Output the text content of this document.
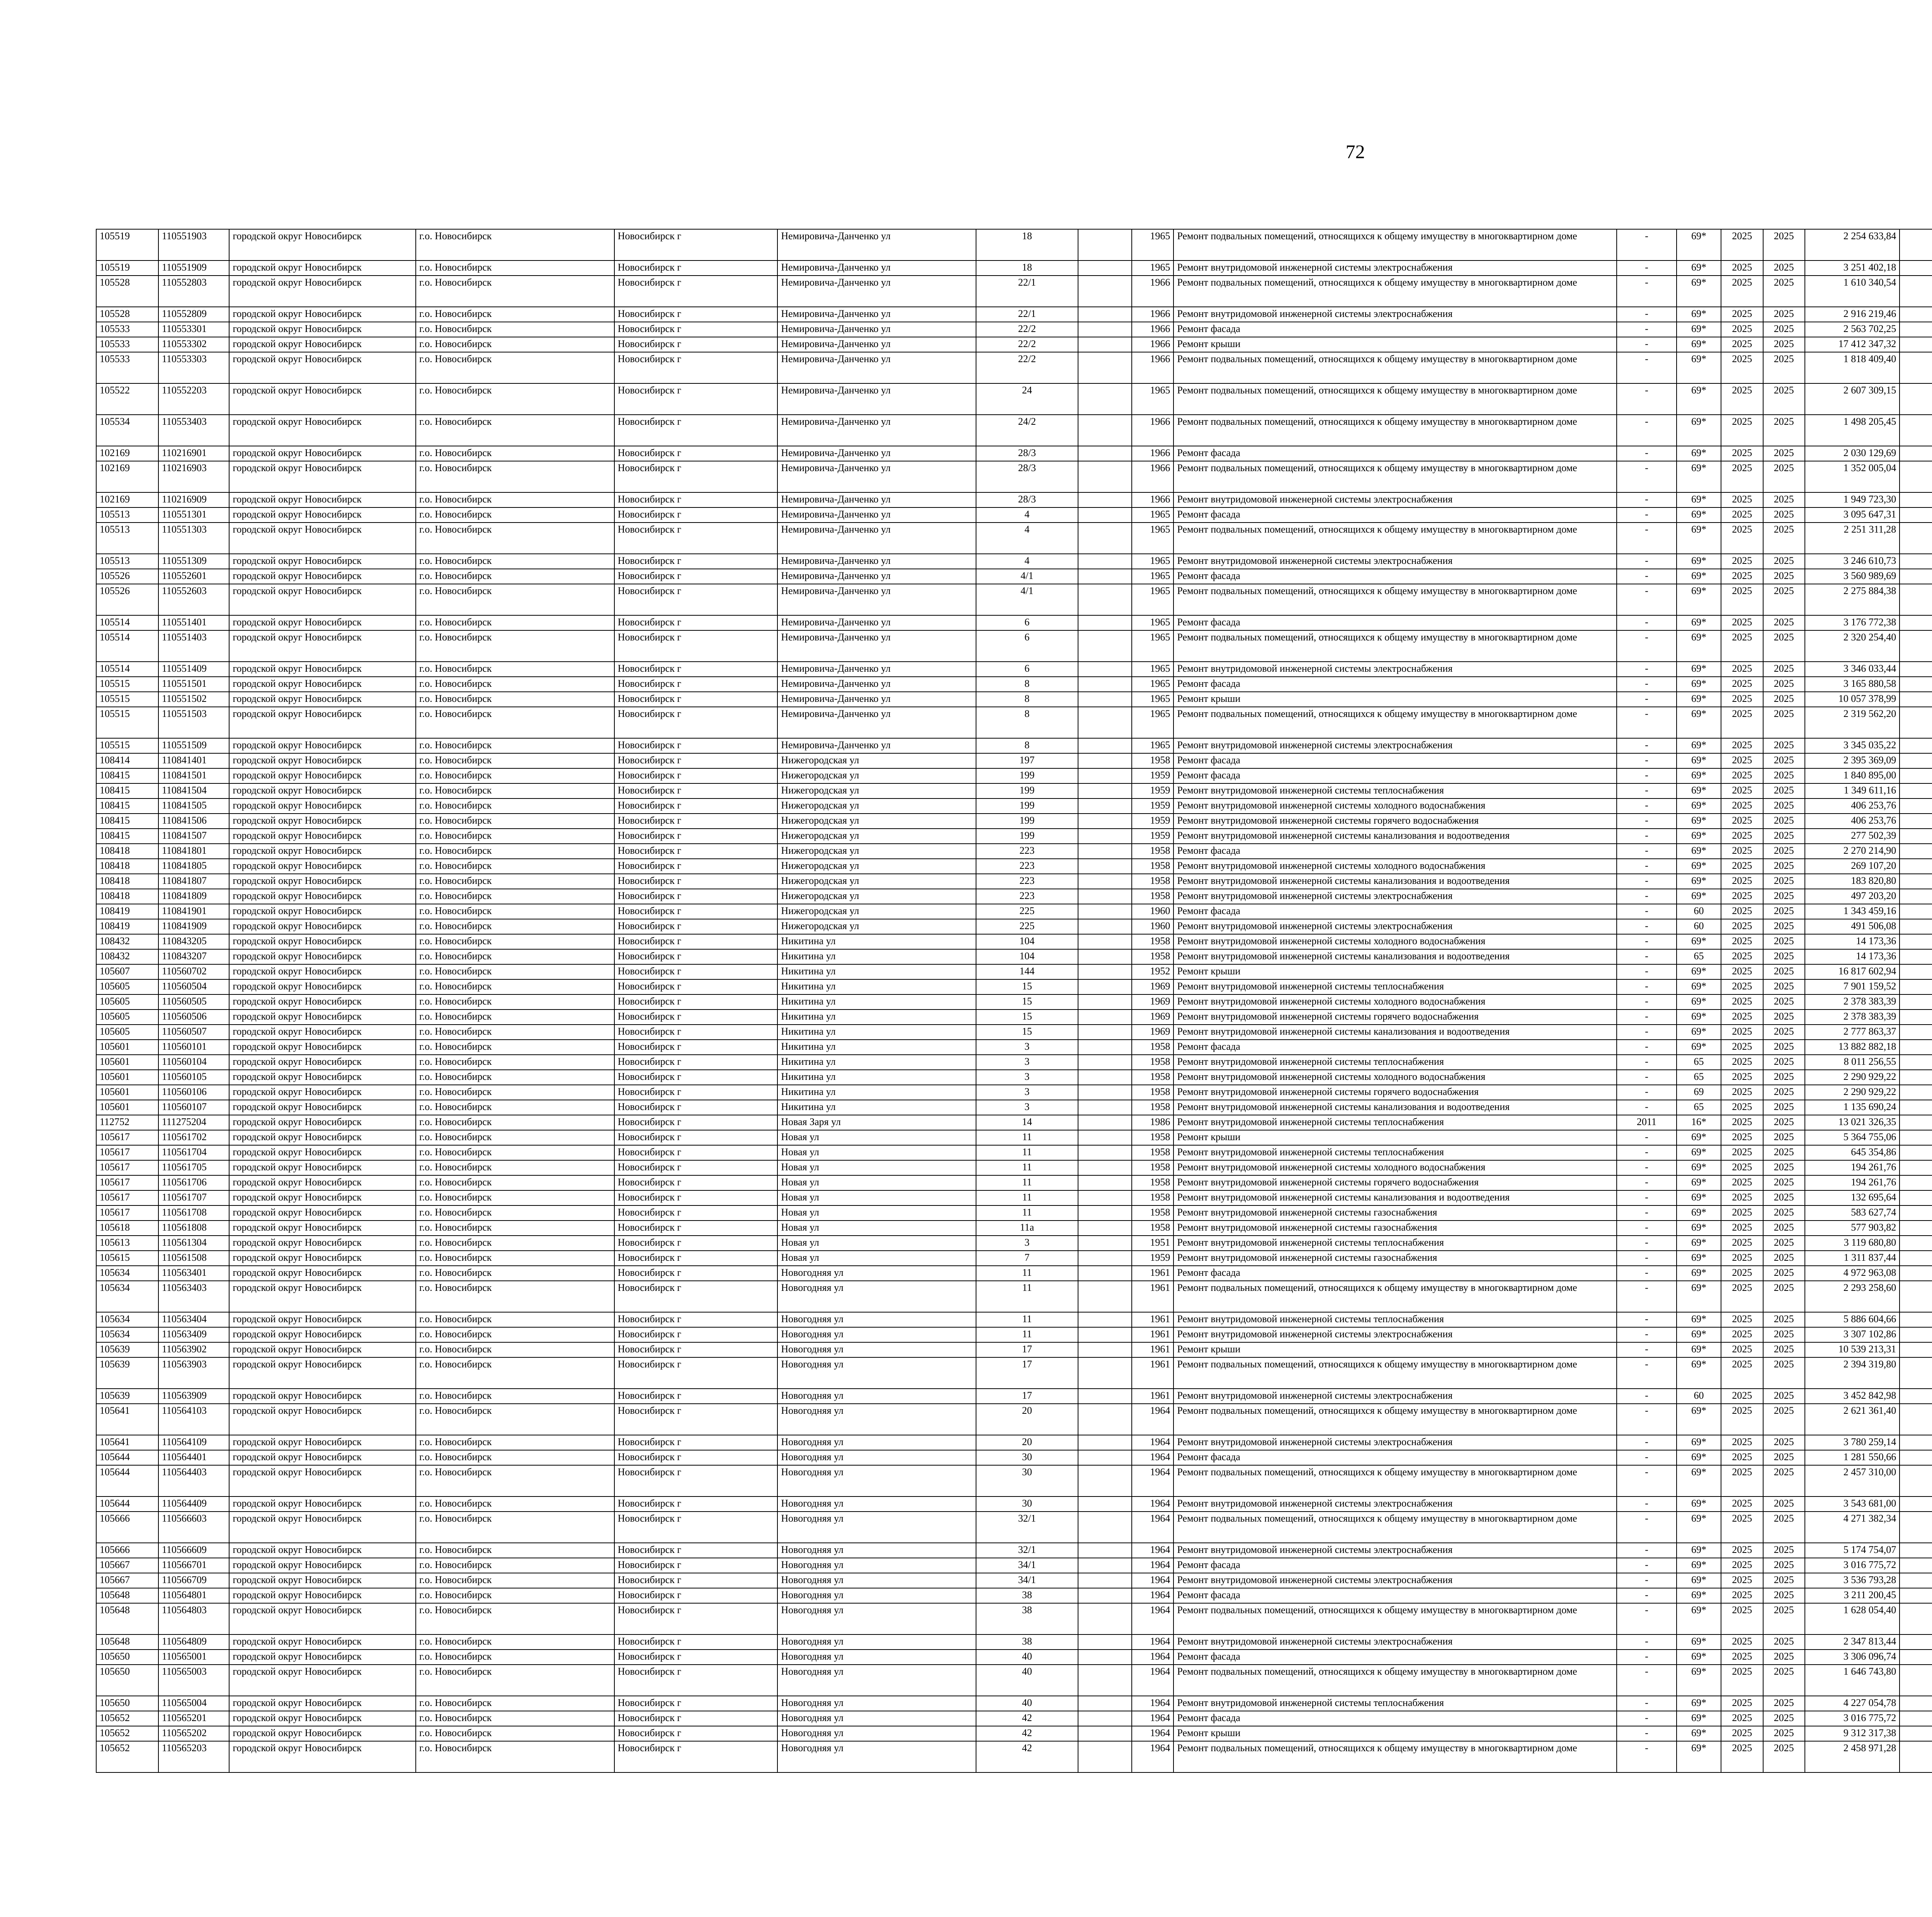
72
105519	110551903	городской округ Новосибирск	г.о. Новосибирск	Новосибирск г	Немировича-Данченко ул	18		1965	Ремонт подвальных помещений, относящихся к общему имуществу в многоквартирном доме	-	69*	2025	2025	2 254 633,84							
105519	110551909	городской округ Новосибирск	г.о. Новосибирск	Новосибирск г	Немировича-Данченко ул	18		1965	Ремонт внутридомовой инженерной системы электроснабжения	-	69*	2025	2025	3 251 402,18							
105528	110552803	городской округ Новосибирск	г.о. Новосибирск	Новосибирск г	Немировича-Данченко ул	22/1		1966	Ремонт подвальных помещений, относящихся к общему имуществу в многоквартирном доме	-	69*	2025	2025	1 610 340,54							
105528	110552809	городской округ Новосибирск	г.о. Новосибирск	Новосибирск г	Немировича-Данченко ул	22/1		1966	Ремонт внутридомовой инженерной системы электроснабжения	-	69*	2025	2025	2 916 219,46							
105533	110553301	городской округ Новосибирск	г.о. Новосибирск	Новосибирск г	Немировича-Данченко ул	22/2		1966	Ремонт фасада	-	69*	2025	2025	2 563 702,25							
105533	110553302	городской округ Новосибирск	г.о. Новосибирск	Новосибирск г	Немировича-Данченко ул	22/2		1966	Ремонт крыши	-	69*	2025	2025	17 412 347,32							
105533	110553303	городской округ Новосибирск	г.о. Новосибирск	Новосибирск г	Немировича-Данченко ул	22/2		1966	Ремонт подвальных помещений, относящихся к общему имуществу в многоквартирном доме	-	69*	2025	2025	1 818 409,40							
105522	110552203	городской округ Новосибирск	г.о. Новосибирск	Новосибирск г	Немировича-Данченко ул	24		1965	Ремонт подвальных помещений, относящихся к общему имуществу в многоквартирном доме	-	69*	2025	2025	2 607 309,15							
105534	110553403	городской округ Новосибирск	г.о. Новосибирск	Новосибирск г	Немировича-Данченко ул	24/2		1966	Ремонт подвальных помещений, относящихся к общему имуществу в многоквартирном доме	-	69*	2025	2025	1 498 205,45							
102169	110216901	городской округ Новосибирск	г.о. Новосибирск	Новосибирск г	Немировича-Данченко ул	28/3		1966	Ремонт фасада	-	69*	2025	2025	2 030 129,69							
102169	110216903	городской округ Новосибирск	г.о. Новосибирск	Новосибирск г	Немировича-Данченко ул	28/3		1966	Ремонт подвальных помещений, относящихся к общему имуществу в многоквартирном доме	-	69*	2025	2025	1 352 005,04							
102169	110216909	городской округ Новосибирск	г.о. Новосибирск	Новосибирск г	Немировича-Данченко ул	28/3		1966	Ремонт внутридомовой инженерной системы электроснабжения	-	69*	2025	2025	1 949 723,30							
105513	110551301	городской округ Новосибирск	г.о. Новосибирск	Новосибирск г	Немировича-Данченко ул	4		1965	Ремонт фасада	-	69*	2025	2025	3 095 647,31							
105513	110551303	городской округ Новосибирск	г.о. Новосибирск	Новосибирск г	Немировича-Данченко ул	4		1965	Ремонт подвальных помещений, относящихся к общему имуществу в многоквартирном доме	-	69*	2025	2025	2 251 311,28							
105513	110551309	городской округ Новосибирск	г.о. Новосибирск	Новосибирск г	Немировича-Данченко ул	4		1965	Ремонт внутридомовой инженерной системы электроснабжения	-	69*	2025	2025	3 246 610,73							
105526	110552601	городской округ Новосибирск	г.о. Новосибирск	Новосибирск г	Немировича-Данченко ул	4/1		1965	Ремонт фасада	-	69*	2025	2025	3 560 989,69							
105526	110552603	городской округ Новосибирск	г.о. Новосибирск	Новосибирск г	Немировича-Данченко ул	4/1		1965	Ремонт подвальных помещений, относящихся к общему имуществу в многоквартирном доме	-	69*	2025	2025	2 275 884,38							
105514	110551401	городской округ Новосибирск	г.о. Новосибирск	Новосибирск г	Немировича-Данченко ул	6		1965	Ремонт фасада	-	69*	2025	2025	3 176 772,38							
105514	110551403	городской округ Новосибирск	г.о. Новосибирск	Новосибирск г	Немировича-Данченко ул	6		1965	Ремонт подвальных помещений, относящихся к общему имуществу в многоквартирном доме	-	69*	2025	2025	2 320 254,40							
105514	110551409	городской округ Новосибирск	г.о. Новосибирск	Новосибирск г	Немировича-Данченко ул	6		1965	Ремонт внутридомовой инженерной системы электроснабжения	-	69*	2025	2025	3 346 033,44							
105515	110551501	городской округ Новосибирск	г.о. Новосибирск	Новосибирск г	Немировича-Данченко ул	8		1965	Ремонт фасада	-	69*	2025	2025	3 165 880,58							
105515	110551502	городской округ Новосибирск	г.о. Новосибирск	Новосибирск г	Немировича-Данченко ул	8		1965	Ремонт крыши	-	69*	2025	2025	10 057 378,99							
105515	110551503	городской округ Новосибирск	г.о. Новосибирск	Новосибирск г	Немировича-Данченко ул	8		1965	Ремонт подвальных помещений, относящихся к общему имуществу в многоквартирном доме	-	69*	2025	2025	2 319 562,20							
105515	110551509	городской округ Новосибирск	г.о. Новосибирск	Новосибирск г	Немировича-Данченко ул	8		1965	Ремонт внутридомовой инженерной системы электроснабжения	-	69*	2025	2025	3 345 035,22							
108414	110841401	городской округ Новосибирск	г.о. Новосибирск	Новосибирск г	Нижегородская ул	197		1958	Ремонт фасада	-	69*	2025	2025	2 395 369,09							
108415	110841501	городской округ Новосибирск	г.о. Новосибирск	Новосибирск г	Нижегородская ул	199		1959	Ремонт фасада	-	69*	2025	2025	1 840 895,00							
108415	110841504	городской округ Новосибирск	г.о. Новосибирск	Новосибирск г	Нижегородская ул	199		1959	Ремонт внутридомовой инженерной системы теплоснабжения	-	69*	2025	2025	1 349 611,16							
108415	110841505	городской округ Новосибирск	г.о. Новосибирск	Новосибирск г	Нижегородская ул	199		1959	Ремонт внутридомовой инженерной системы холодного водоснабжения	-	69*	2025	2025	406 253,76							
108415	110841506	городской округ Новосибирск	г.о. Новосибирск	Новосибирск г	Нижегородская ул	199		1959	Ремонт внутридомовой инженерной системы горячего водоснабжения	-	69*	2025	2025	406 253,76							
108415	110841507	городской округ Новосибирск	г.о. Новосибирск	Новосибирск г	Нижегородская ул	199		1959	Ремонт внутридомовой инженерной системы канализования и водоотведения	-	69*	2025	2025	277 502,39							
108418	110841801	городской округ Новосибирск	г.о. Новосибирск	Новосибирск г	Нижегородская ул	223		1958	Ремонт фасада	-	69*	2025	2025	2 270 214,90							
108418	110841805	городской округ Новосибирск	г.о. Новосибирск	Новосибирск г	Нижегородская ул	223		1958	Ремонт внутридомовой инженерной системы холодного водоснабжения	-	69*	2025	2025	269 107,20							
108418	110841807	городской округ Новосибирск	г.о. Новосибирск	Новосибирск г	Нижегородская ул	223		1958	Ремонт внутридомовой инженерной системы канализования и водоотведения	-	69*	2025	2025	183 820,80							
108418	110841809	городской округ Новосибирск	г.о. Новосибирск	Новосибирск г	Нижегородская ул	223		1958	Ремонт внутридомовой инженерной системы электроснабжения	-	69*	2025	2025	497 203,20							
108419	110841901	городской округ Новосибирск	г.о. Новосибирск	Новосибирск г	Нижегородская ул	225		1960	Ремонт фасада	-	60	2025	2025	1 343 459,16							
108419	110841909	городской округ Новосибирск	г.о. Новосибирск	Новосибирск г	Нижегородская ул	225		1960	Ремонт внутридомовой инженерной системы электроснабжения	-	60	2025	2025	491 506,08							
108432	110843205	городской округ Новосибирск	г.о. Новосибирск	Новосибирск г	Никитина ул	104		1958	Ремонт внутридомовой инженерной системы холодного водоснабжения	-	69*	2025	2025	14 173,36							
108432	110843207	городской округ Новосибирск	г.о. Новосибирск	Новосибирск г	Никитина ул	104		1958	Ремонт внутридомовой инженерной системы канализования и водоотведения	-	65	2025	2025	14 173,36							
105607	110560702	городской округ Новосибирск	г.о. Новосибирск	Новосибирск г	Никитина ул	144		1952	Ремонт крыши	-	69*	2025	2025	16 817 602,94							
105605	110560504	городской округ Новосибирск	г.о. Новосибирск	Новосибирск г	Никитина ул	15		1969	Ремонт внутридомовой инженерной системы теплоснабжения	-	69*	2025	2025	7 901 159,52							
105605	110560505	городской округ Новосибирск	г.о. Новосибирск	Новосибирск г	Никитина ул	15		1969	Ремонт внутридомовой инженерной системы холодного водоснабжения	-	69*	2025	2025	2 378 383,39							
105605	110560506	городской округ Новосибирск	г.о. Новосибирск	Новосибирск г	Никитина ул	15		1969	Ремонт внутридомовой инженерной системы горячего водоснабжения	-	69*	2025	2025	2 378 383,39							
105605	110560507	городской округ Новосибирск	г.о. Новосибирск	Новосибирск г	Никитина ул	15		1969	Ремонт внутридомовой инженерной системы канализования и водоотведения	-	69*	2025	2025	2 777 863,37							
105601	110560101	городской округ Новосибирск	г.о. Новосибирск	Новосибирск г	Никитина ул	3		1958	Ремонт фасада	-	69*	2025	2025	13 882 882,18							
105601	110560104	городской округ Новосибирск	г.о. Новосибирск	Новосибирск г	Никитина ул	3		1958	Ремонт внутридомовой инженерной системы теплоснабжения	-	65	2025	2025	8 011 256,55							
105601	110560105	городской округ Новосибирск	г.о. Новосибирск	Новосибирск г	Никитина ул	3		1958	Ремонт внутридомовой инженерной системы холодного водоснабжения	-	65	2025	2025	2 290 929,22							
105601	110560106	городской округ Новосибирск	г.о. Новосибирск	Новосибирск г	Никитина ул	3		1958	Ремонт внутридомовой инженерной системы горячего водоснабжения	-	69	2025	2025	2 290 929,22							
105601	110560107	городской округ Новосибирск	г.о. Новосибирск	Новосибирск г	Никитина ул	3		1958	Ремонт внутридомовой инженерной системы канализования и водоотведения	-	65	2025	2025	1 135 690,24							
112752	111275204	городской округ Новосибирск	г.о. Новосибирск	Новосибирск г	Новая Заря ул	14		1986	Ремонт внутридомовой инженерной системы теплоснабжения	2011	16*	2025	2025	13 021 326,35							
105617	110561702	городской округ Новосибирск	г.о. Новосибирск	Новосибирск г	Новая ул	11		1958	Ремонт крыши	-	69*	2025	2025	5 364 755,06							
105617	110561704	городской округ Новосибирск	г.о. Новосибирск	Новосибирск г	Новая ул	11		1958	Ремонт внутридомовой инженерной системы теплоснабжения	-	69*	2025	2025	645 354,86							
105617	110561705	городской округ Новосибирск	г.о. Новосибирск	Новосибирск г	Новая ул	11		1958	Ремонт внутридомовой инженерной системы холодного водоснабжения	-	69*	2025	2025	194 261,76							
105617	110561706	городской округ Новосибирск	г.о. Новосибирск	Новосибирск г	Новая ул	11		1958	Ремонт внутридомовой инженерной системы горячего водоснабжения	-	69*	2025	2025	194 261,76							
105617	110561707	городской округ Новосибирск	г.о. Новосибирск	Новосибирск г	Новая ул	11		1958	Ремонт внутридомовой инженерной системы канализования и водоотведения	-	69*	2025	2025	132 695,64							
105617	110561708	городской округ Новосибирск	г.о. Новосибирск	Новосибирск г	Новая ул	11		1958	Ремонт внутридомовой инженерной системы газоснабжения	-	69*	2025	2025	583 627,74							
105618	110561808	городской округ Новосибирск	г.о. Новосибирск	Новосибирск г	Новая ул	11а		1958	Ремонт внутридомовой инженерной системы газоснабжения	-	69*	2025	2025	577 903,82							
105613	110561304	городской округ Новосибирск	г.о. Новосибирск	Новосибирск г	Новая ул	3		1951	Ремонт внутридомовой инженерной системы теплоснабжения	-	69*	2025	2025	3 119 680,80							
105615	110561508	городской округ Новосибирск	г.о. Новосибирск	Новосибирск г	Новая ул	7		1959	Ремонт внутридомовой инженерной системы газоснабжения	-	69*	2025	2025	1 311 837,44							
105634	110563401	городской округ Новосибирск	г.о. Новосибирск	Новосибирск г	Новогодняя ул	11		1961	Ремонт фасада	-	69*	2025	2025	4 972 963,08							
105634	110563403	городской округ Новосибирск	г.о. Новосибирск	Новосибирск г	Новогодняя ул	11		1961	Ремонт подвальных помещений, относящихся к общему имуществу в многоквартирном доме	-	69*	2025	2025	2 293 258,60							
105634	110563404	городской округ Новосибирск	г.о. Новосибирск	Новосибирск г	Новогодняя ул	11		1961	Ремонт внутридомовой инженерной системы теплоснабжения	-	69*	2025	2025	5 886 604,66							
105634	110563409	городской округ Новосибирск	г.о. Новосибирск	Новосибирск г	Новогодняя ул	11		1961	Ремонт внутридомовой инженерной системы электроснабжения	-	69*	2025	2025	3 307 102,86							
105639	110563902	городской округ Новосибирск	г.о. Новосибирск	Новосибирск г	Новогодняя ул	17		1961	Ремонт крыши	-	69*	2025	2025	10 539 213,31							
105639	110563903	городской округ Новосибирск	г.о. Новосибирск	Новосибирск г	Новогодняя ул	17		1961	Ремонт подвальных помещений, относящихся к общему имуществу в многоквартирном доме	-	69*	2025	2025	2 394 319,80							
105639	110563909	городской округ Новосибирск	г.о. Новосибирск	Новосибирск г	Новогодняя ул	17		1961	Ремонт внутридомовой инженерной системы электроснабжения	-	60	2025	2025	3 452 842,98							
105641	110564103	городской округ Новосибирск	г.о. Новосибирск	Новосибирск г	Новогодняя ул	20		1964	Ремонт подвальных помещений, относящихся к общему имуществу в многоквартирном доме	-	69*	2025	2025	2 621 361,40							
105641	110564109	городской округ Новосибирск	г.о. Новосибирск	Новосибирск г	Новогодняя ул	20		1964	Ремонт внутридомовой инженерной системы электроснабжения	-	69*	2025	2025	3 780 259,14							
105644	110564401	городской округ Новосибирск	г.о. Новосибирск	Новосибирск г	Новогодняя ул	30		1964	Ремонт фасада	-	69*	2025	2025	1 281 550,66							
105644	110564403	городской округ Новосибирск	г.о. Новосибирск	Новосибирск г	Новогодняя ул	30		1964	Ремонт подвальных помещений, относящихся к общему имуществу в многоквартирном доме	-	69*	2025	2025	2 457 310,00							
105644	110564409	городской округ Новосибирск	г.о. Новосибирск	Новосибирск г	Новогодняя ул	30		1964	Ремонт внутридомовой инженерной системы электроснабжения	-	69*	2025	2025	3 543 681,00							
105666	110566603	городской округ Новосибирск	г.о. Новосибирск	Новосибирск г	Новогодняя ул	32/1		1964	Ремонт подвальных помещений, относящихся к общему имуществу в многоквартирном доме	-	69*	2025	2025	4 271 382,34							
105666	110566609	городской округ Новосибирск	г.о. Новосибирск	Новосибирск г	Новогодняя ул	32/1		1964	Ремонт внутридомовой инженерной системы электроснабжения	-	69*	2025	2025	5 174 754,07							
105667	110566701	городской округ Новосибирск	г.о. Новосибирск	Новосибирск г	Новогодняя ул	34/1		1964	Ремонт фасада	-	69*	2025	2025	3 016 775,72							
105667	110566709	городской округ Новосибирск	г.о. Новосибирск	Новосибирск г	Новогодняя ул	34/1		1964	Ремонт внутридомовой инженерной системы электроснабжения	-	69*	2025	2025	3 536 793,28							
105648	110564801	городской округ Новосибирск	г.о. Новосибирск	Новосибирск г	Новогодняя ул	38		1964	Ремонт фасада	-	69*	2025	2025	3 211 200,45							
105648	110564803	городской округ Новосибирск	г.о. Новосибирск	Новосибирск г	Новогодняя ул	38		1964	Ремонт подвальных помещений, относящихся к общему имуществу в многоквартирном доме	-	69*	2025	2025	1 628 054,40							
105648	110564809	городской округ Новосибирск	г.о. Новосибирск	Новосибирск г	Новогодняя ул	38		1964	Ремонт внутридомовой инженерной системы электроснабжения	-	69*	2025	2025	2 347 813,44							
105650	110565001	городской округ Новосибирск	г.о. Новосибирск	Новосибирск г	Новогодняя ул	40		1964	Ремонт фасада	-	69*	2025	2025	3 306 096,74							
105650	110565003	городской округ Новосибирск	г.о. Новосибирск	Новосибирск г	Новогодняя ул	40		1964	Ремонт подвальных помещений, относящихся к общему имуществу в многоквартирном доме	-	69*	2025	2025	1 646 743,80							
105650	110565004	городской округ Новосибирск	г.о. Новосибирск	Новосибирск г	Новогодняя ул	40		1964	Ремонт внутридомовой инженерной системы теплоснабжения	-	69*	2025	2025	4 227 054,78							
105652	110565201	городской округ Новосибирск	г.о. Новосибирск	Новосибирск г	Новогодняя ул	42		1964	Ремонт фасада	-	69*	2025	2025	3 016 775,72							
105652	110565202	городской округ Новосибирск	г.о. Новосибирск	Новосибирск г	Новогодняя ул	42		1964	Ремонт крыши	-	69*	2025	2025	9 312 317,38							
105652	110565203	городской округ Новосибирск	г.о. Новосибирск	Новосибирск г	Новогодняя ул	42		1964	Ремонт подвальных помещений, относящихся к общему имуществу в многоквартирном доме	-	69*	2025	2025	2 458 971,28							
